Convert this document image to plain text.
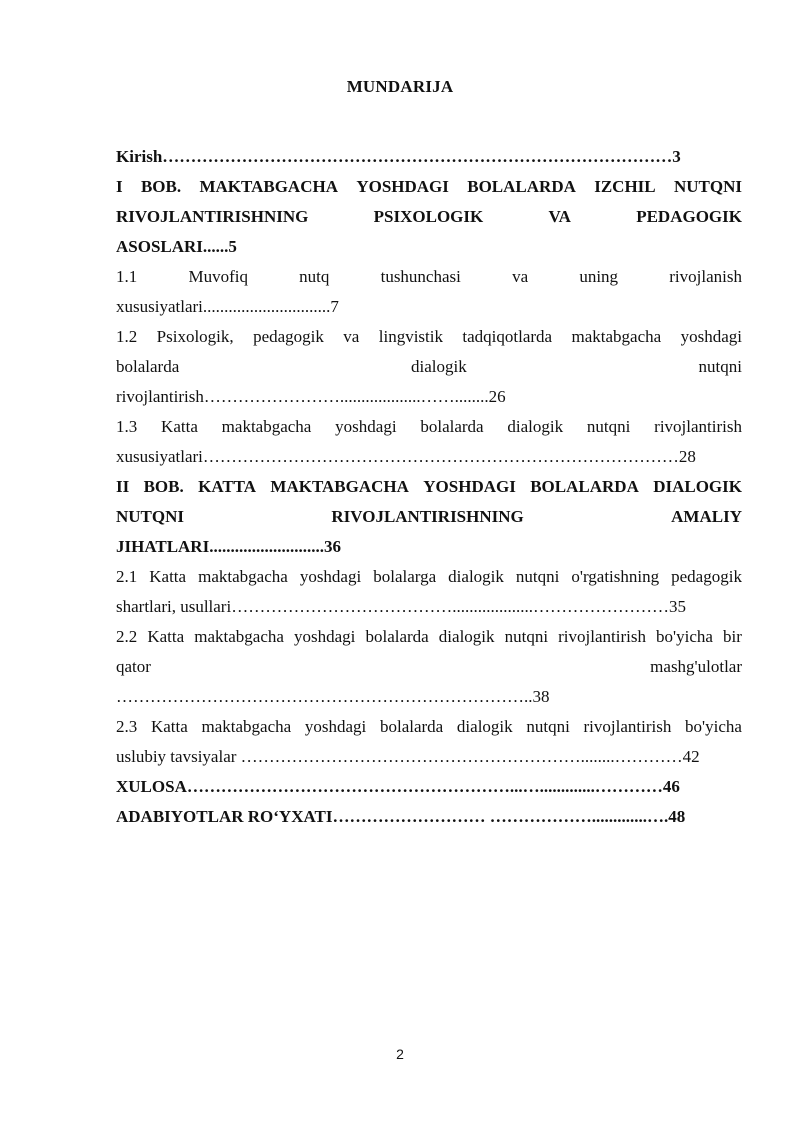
MUNDARIJA
Kirish………………………………………………………………………………3
I BOB. MAKTABGACHA YOSHDAGI BOLALARDA IZCHIL NUTQNI
RIVOJLANTIRISHNING	PSIXOLOGIK	VA	PEDAGOGIK
ASOSLARI......5
1.1	Muvofiq	nutq	tushunchasi	va	uning	rivojlanish
xususiyatlari..............................7
1.2 Psixologik, pedagogik va lingvistik tadqiqotlarda maktabgacha yoshdagi
bolalarda	dialogik	nutqni
rivojlantirish……………………...................……........26
1.3 Katta maktabgacha yoshdagi bolalarda dialogik nutqni rivojlantirish
xususiyatlari…………………………………………………………………………28
II BOB. KATTA MAKTABGACHA YOSHDAGI BOLALARDA DIALOGIK
NUTQNI	RIVOJLANTIRISHNING	AMALIY
JIHATLARI...........................36
2.1 Katta maktabgacha yoshdagi bolalarga dialogik nutqni o'rgatishning pedagogik
shartlari, usullari…………………………………...................……………………35
2.2 Katta maktabgacha yoshdagi bolalarda dialogik nutqni rivojlantirish bo'yicha bir
qator	mashg'ulotlar
………………………………………………………………..38
2.3 Katta maktabgacha yoshdagi bolalarda dialogik nutqni rivojlantirish bo'yicha
uslubiy tavsiyalar ……………………………………………………........…………42
XULOSA…………………………………………………...….............…………46
ADABIYOTLAR RO‘YXATI……………………… ……………….............….48
2
